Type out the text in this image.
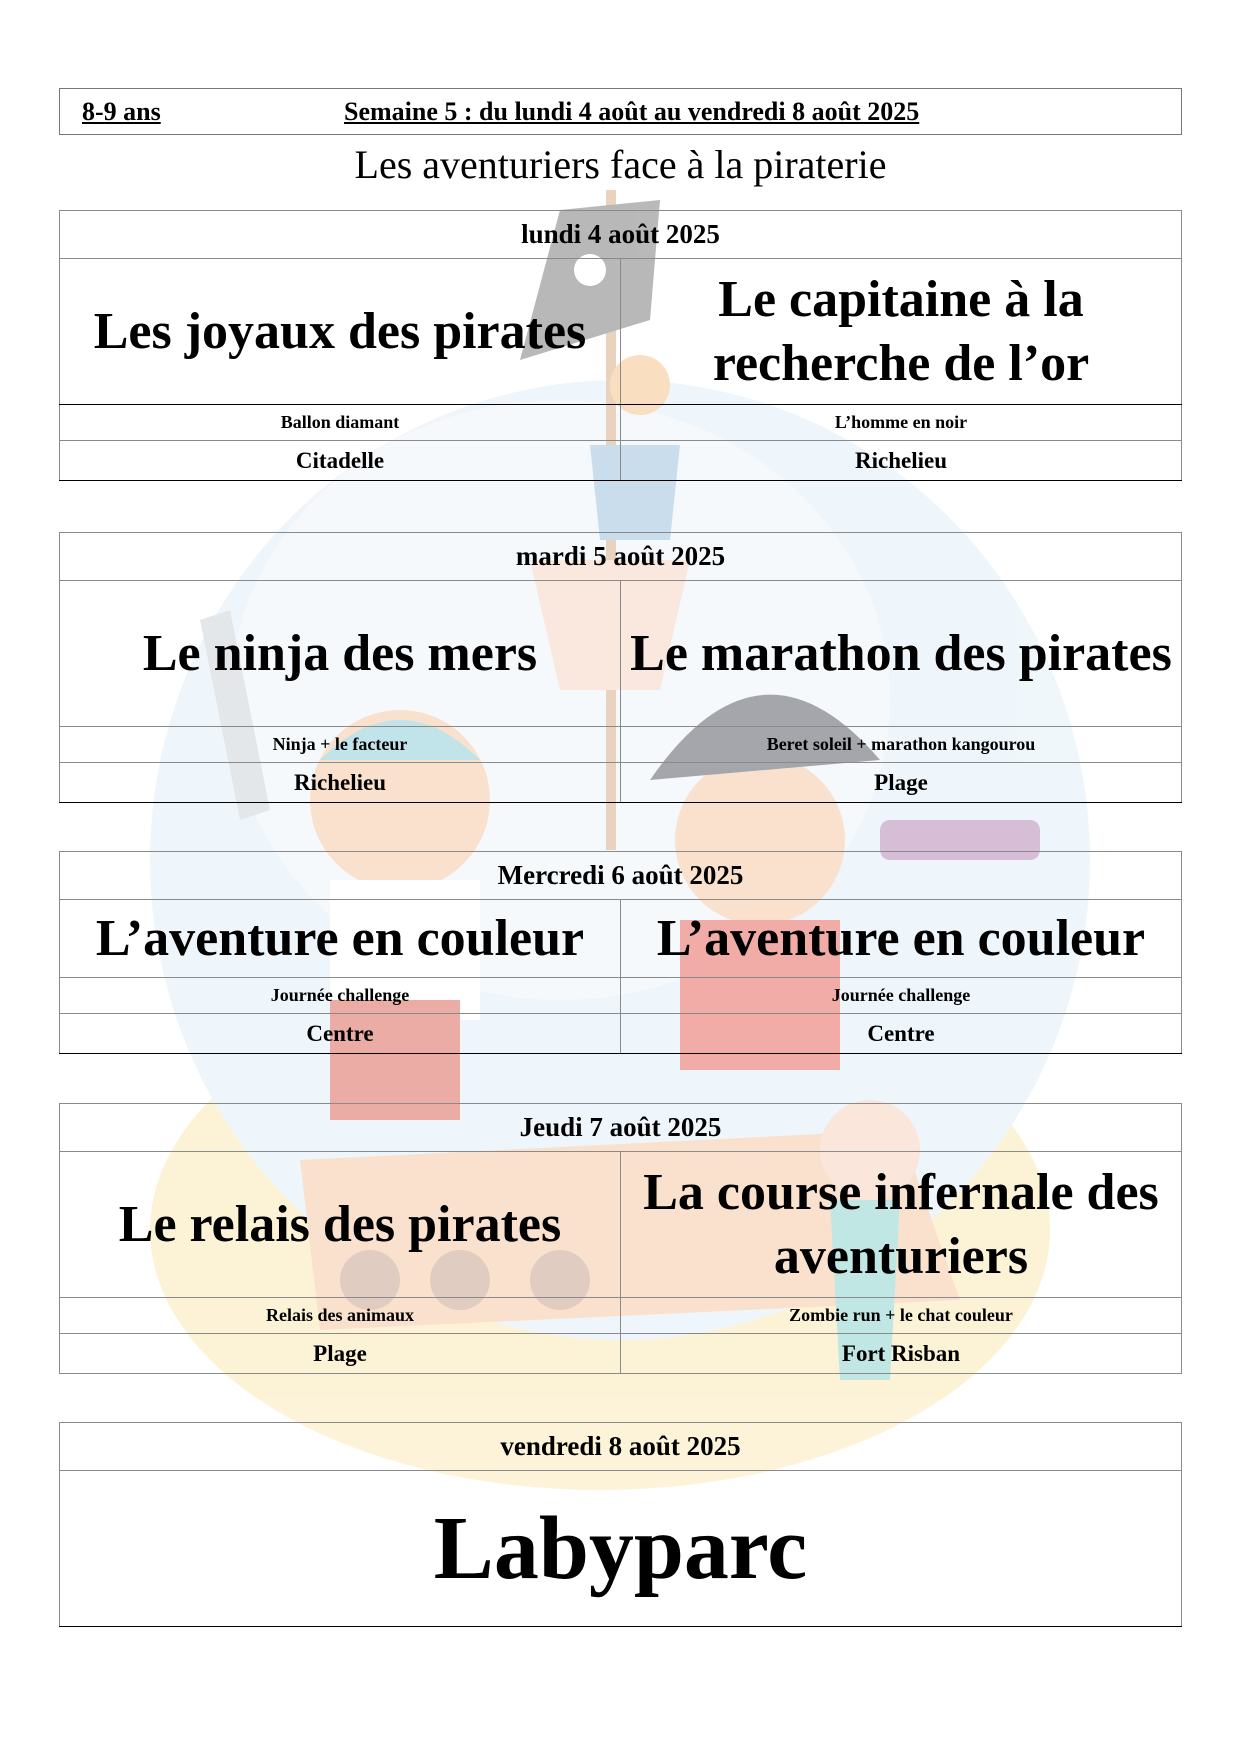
8-9 ans	Semaine 5 : du lundi 4 août au vendredi 8 août 2025
Les aventuriers face à la piraterie
lundi 4 août 2025	
Les joyaux des pirates	Le capitaine à la recherche de l’or
Ballon diamant	L’homme en noir
Citadelle	Richelieu
mardi 5 août 2025	
Le ninja des mers	Le marathon des pirates
Ninja + le facteur	Beret soleil + marathon kangourou
Richelieu	Plage
Mercredi 6 août 2025	
L’aventure en couleur	L’aventure en couleur
Journée challenge	Journée challenge
Centre	Centre
Jeudi 7 août 2025	
Le relais des pirates	La course infernale des aventuriers
Relais des animaux	Zombie run + le chat couleur
Plage	Fort Risban
vendredi 8 août 2025
Labyparc
